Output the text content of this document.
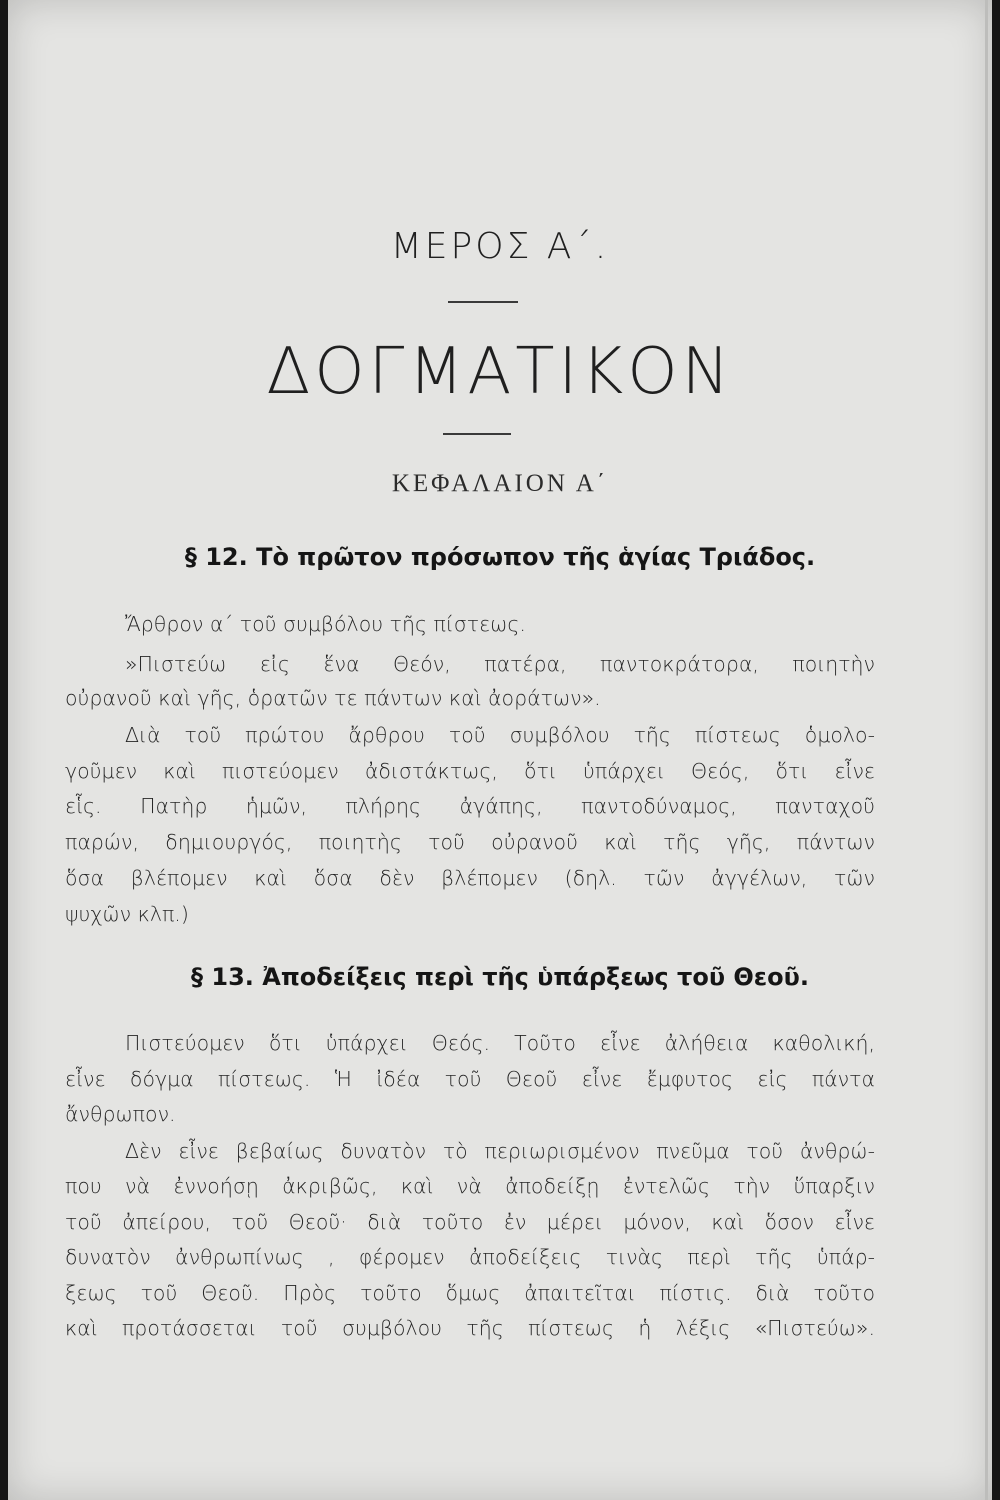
ΜΕΡΟΣ Α΄.
ΔΟΓΜΑΤΙΚΟΝ
ΚΕΦΑΛΑΙΟΝ Α΄
§ 12. Τὸ πρῶτον πρόσωπον τῆς ἁγίας Τριάδος.
Ἄρθρον α΄ τοῦ συμβόλου τῆς πίστεως.
»Πιστεύω εἰς ἕνα Θεόν, πατέρα, παντοκράτορα, ποιητὴν
οὐρανοῦ καὶ γῆς, ὁρατῶν τε πάντων καὶ ἀοράτων».
Διὰ τοῦ πρώτου ἄρθρου τοῦ συμβόλου τῆς πίστεως ὁμολο-
γοῦμεν καὶ πιστεύομεν ἀδιστάκτως, ὅτι ὑπάρχει Θεός, ὅτι εἶνε
εἷς. Πατὴρ ἡμῶν, πλήρης ἀγάπης, παντοδύναμος, πανταχοῦ
παρών, δημιουργός, ποιητὴς τοῦ οὐρανοῦ καὶ τῆς γῆς, πάντων
ὅσα βλέπομεν καὶ ὅσα δὲν βλέπομεν (δηλ. τῶν ἀγγέλων, τῶν
ψυχῶν κλπ.)
§ 13. Ἀποδείξεις περὶ τῆς ὑπάρξεως τοῦ Θεοῦ.
Πιστεύομεν ὅτι ὑπάρχει Θεός. Τοῦτο εἶνε ἀλήθεια καθολική,
εἶνε δόγμα πίστεως. Ἡ ἰδέα τοῦ Θεοῦ εἶνε ἔμφυτος εἰς πάντα
ἄνθρωπον.
Δὲν εἶνε βεβαίως δυνατὸν τὸ περιωρισμένον πνεῦμα τοῦ ἀνθρώ-
που νὰ ἐννοήσῃ ἀκριβῶς, καὶ νὰ ἀποδείξῃ ἐντελῶς τὴν ὕπαρξιν
τοῦ ἀπείρου, τοῦ Θεοῦ· διὰ τοῦτο ἐν μέρει μόνον, καὶ ὅσον εἶνε
δυνατὸν ἀνθρωπίνως , φέρομεν ἀποδείξεις τινὰς περὶ τῆς ὑπάρ-
ξεως τοῦ Θεοῦ. Πρὸς τοῦτο ὅμως ἀπαιτεῖται πίστις. διὰ τοῦτο
καὶ προτάσσεται τοῦ συμβόλου τῆς πίστεως ἡ λέξις «Πιστεύω».
